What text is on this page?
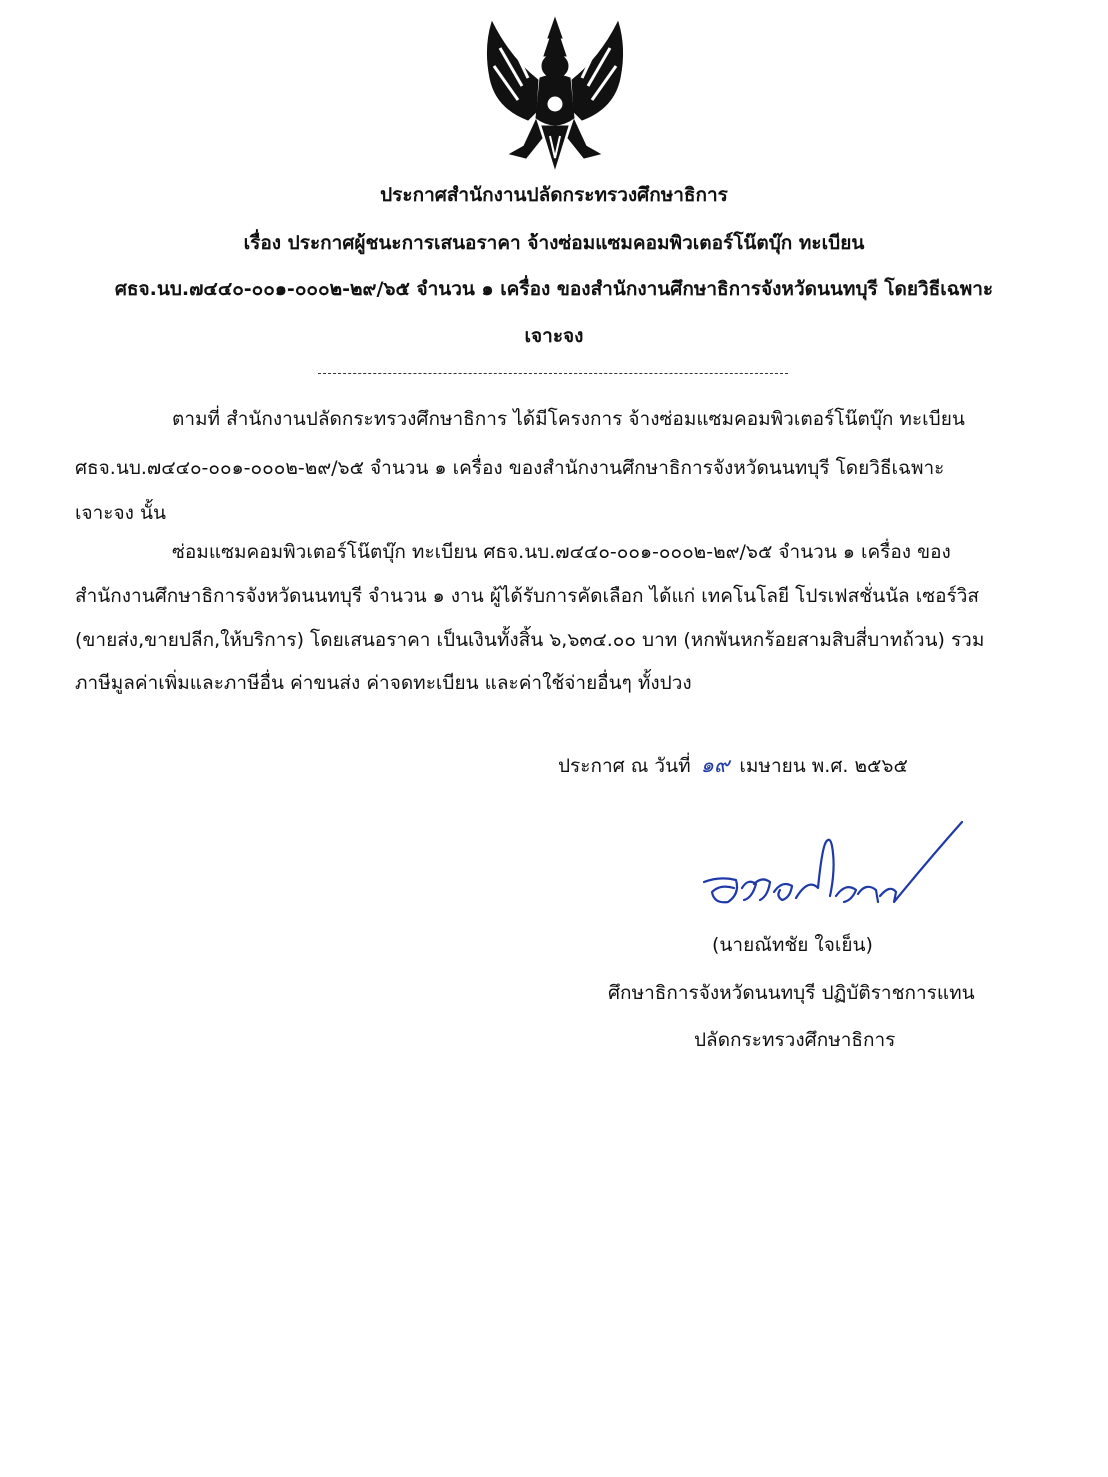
ประกาศสำนักงานปลัดกระทรวงศึกษาธิการ
เรื่อง ประกาศผู้ชนะการเสนอราคา จ้างซ่อมแซมคอมพิวเตอร์โน๊ตบุ๊ก ทะเบียน
ศธจ.นบ.๗๔๔๐-๐๐๑-๐๐๐๒-๒๙/๖๕ จำนวน ๑ เครื่อง ของสำนักงานศึกษาธิการจังหวัดนนทบุรี โดยวิธีเฉพาะ
เจาะจง
ตามที่ สำนักงานปลัดกระทรวงศึกษาธิการ ได้มีโครงการ จ้างซ่อมแซมคอมพิวเตอร์โน๊ตบุ๊ก ทะเบียน
ศธจ.นบ.๗๔๔๐-๐๐๑-๐๐๐๒-๒๙/๖๕ จำนวน ๑ เครื่อง ของสำนักงานศึกษาธิการจังหวัดนนทบุรี โดยวิธีเฉพาะ
เจาะจง นั้น
ซ่อมแซมคอมพิวเตอร์โน๊ตบุ๊ก ทะเบียน ศธจ.นบ.๗๔๔๐-๐๐๑-๐๐๐๒-๒๙/๖๕ จำนวน ๑ เครื่อง ของ
สำนักงานศึกษาธิการจังหวัดนนทบุรี จำนวน ๑ งาน ผู้ได้รับการคัดเลือก ได้แก่ เทคโนโลยี โปรเฟสชั่นนัล เซอร์วิส
(ขายส่ง,ขายปลีก,ให้บริการ) โดยเสนอราคา เป็นเงินทั้งสิ้น ๖,๖๓๔.๐๐ บาท (หกพันหกร้อยสามสิบสี่บาทถ้วน) รวม
ภาษีมูลค่าเพิ่มและภาษีอื่น ค่าขนส่ง ค่าจดทะเบียน และค่าใช้จ่ายอื่นๆ ทั้งปวง
ประกาศ ณ วันที่ ๑๙ เมษายน พ.ศ. ๒๕๖๕
(นายณัทชัย ใจเย็น)
ศึกษาธิการจังหวัดนนทบุรี ปฏิบัติราชการแทน
ปลัดกระทรวงศึกษาธิการ
